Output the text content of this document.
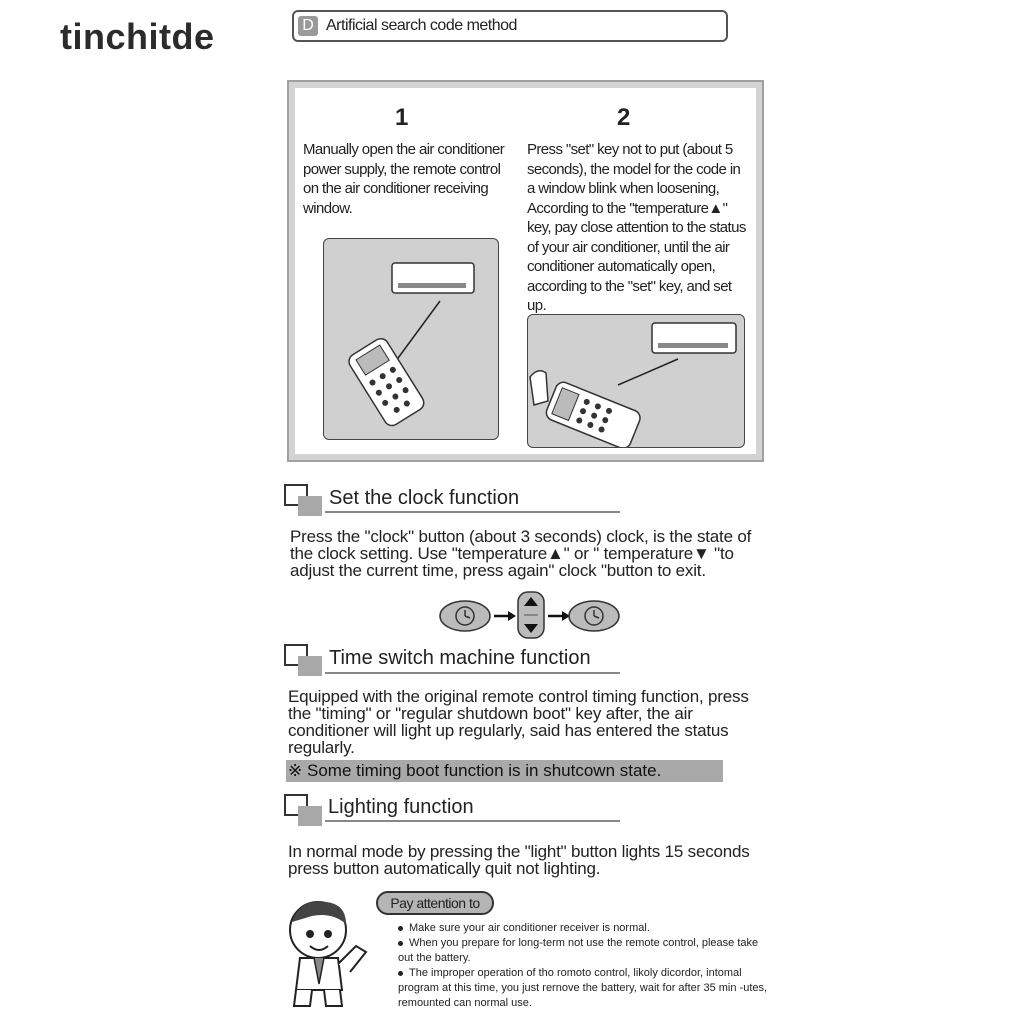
tinchitde	D Artificial search code method
1
Manually open the air conditioner power supply, the remote control on the air conditioner receiving window.
2
Press "set" key not to put (about 5 seconds), the model for the code in a window blink when loosening, According to the "temperature▲" key, pay close attention to the status of your air conditioner, until the air conditioner automatically open, according to the "set" key, and set up.
Set the clock function
Press the "clock" button (about 3 seconds) clock, is the state of the clock setting. Use "temperature▲" or " temperature▼ "to adjust the current time, press again" clock "button to exit.
Time switch machine function
Equipped with the original remote control timing function, press the "timing" or "regular shutdown boot" key after, the air conditioner will light up regularly, said has entered the status regularly.
※ Some timing boot function is in shutcown state.
Lighting function
In normal mode by pressing the "light" button lights 15 seconds press button automatically quit not lighting.
Pay attention to
Make sure your air conditioner receiver is normal.
When you prepare for long-term not use the remote control, please take out the battery.
The improper operation of tho romoto control, likoly dicordor, intomal program at this time, you just rernove the battery, wait for after 35 min -utes, remounted can normal use.
